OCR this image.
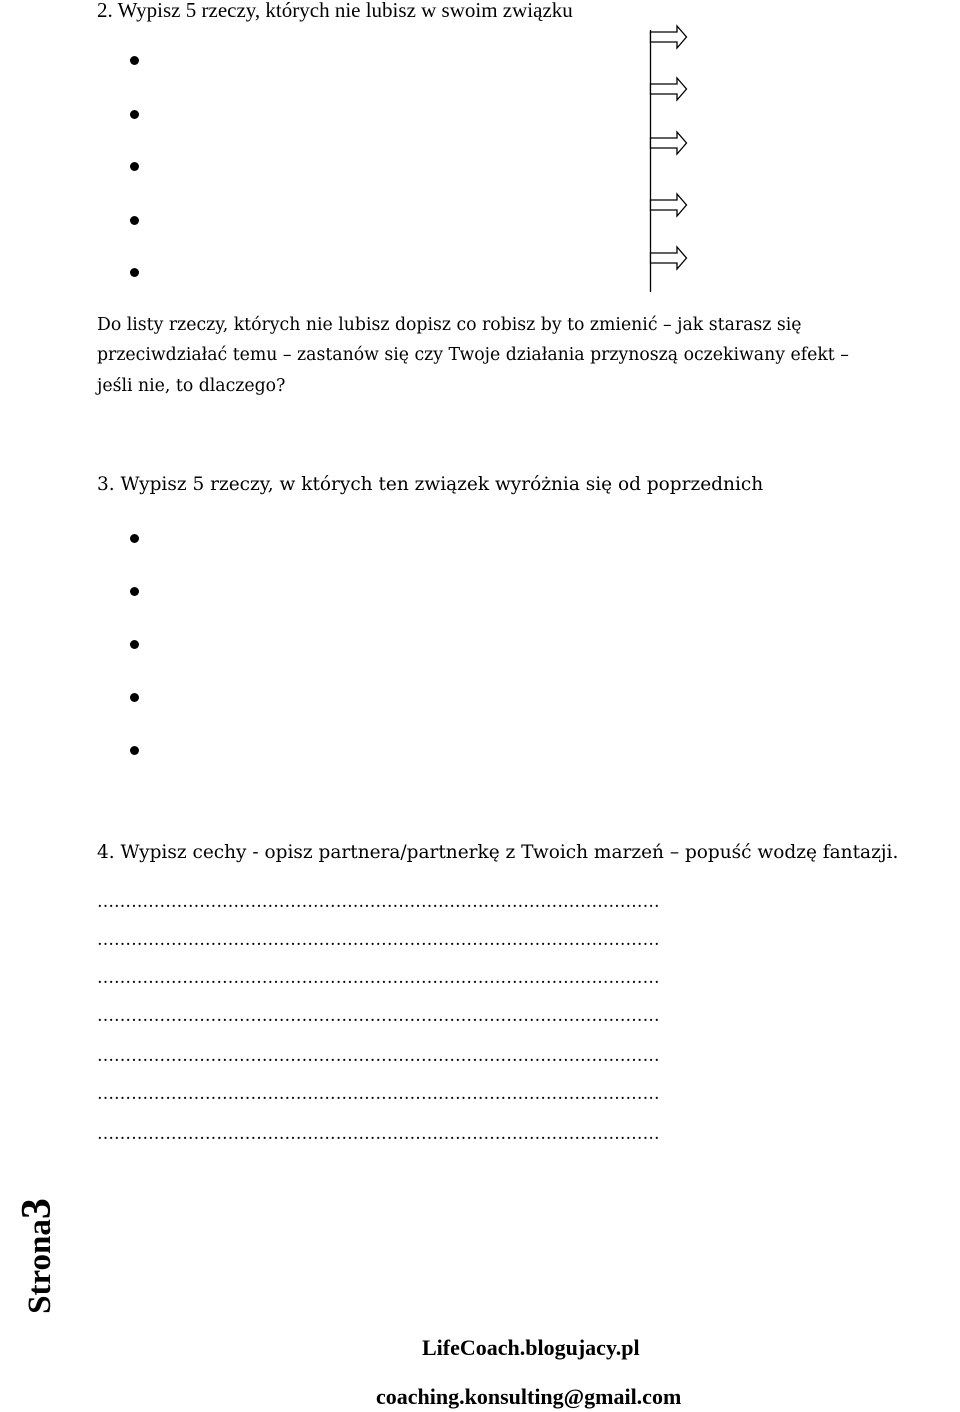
2. Wypisz 5 rzeczy, których nie lubisz w swoim związku
Do listy rzeczy, których nie lubisz dopisz co robisz by to zmienić – jak starasz się
przeciwdziałać temu – zastanów się czy Twoje działania przynoszą oczekiwany efekt –
jeśli nie, to dlaczego?
3. Wypisz 5 rzeczy, w których ten związek wyróżnia się od poprzednich
4. Wypisz cechy - opisz partnera/partnerkę z Twoich marzeń – popuść wodzę fantazji.
………………………………………………………………………………………
………………………………………………………………………………………
………………………………………………………………………………………
………………………………………………………………………………………
………………………………………………………………………………………
………………………………………………………………………………………
………………………………………………………………………………………
Strona3
LifeCoach.blogujacy.pl
coaching.konsulting@gmail.com
